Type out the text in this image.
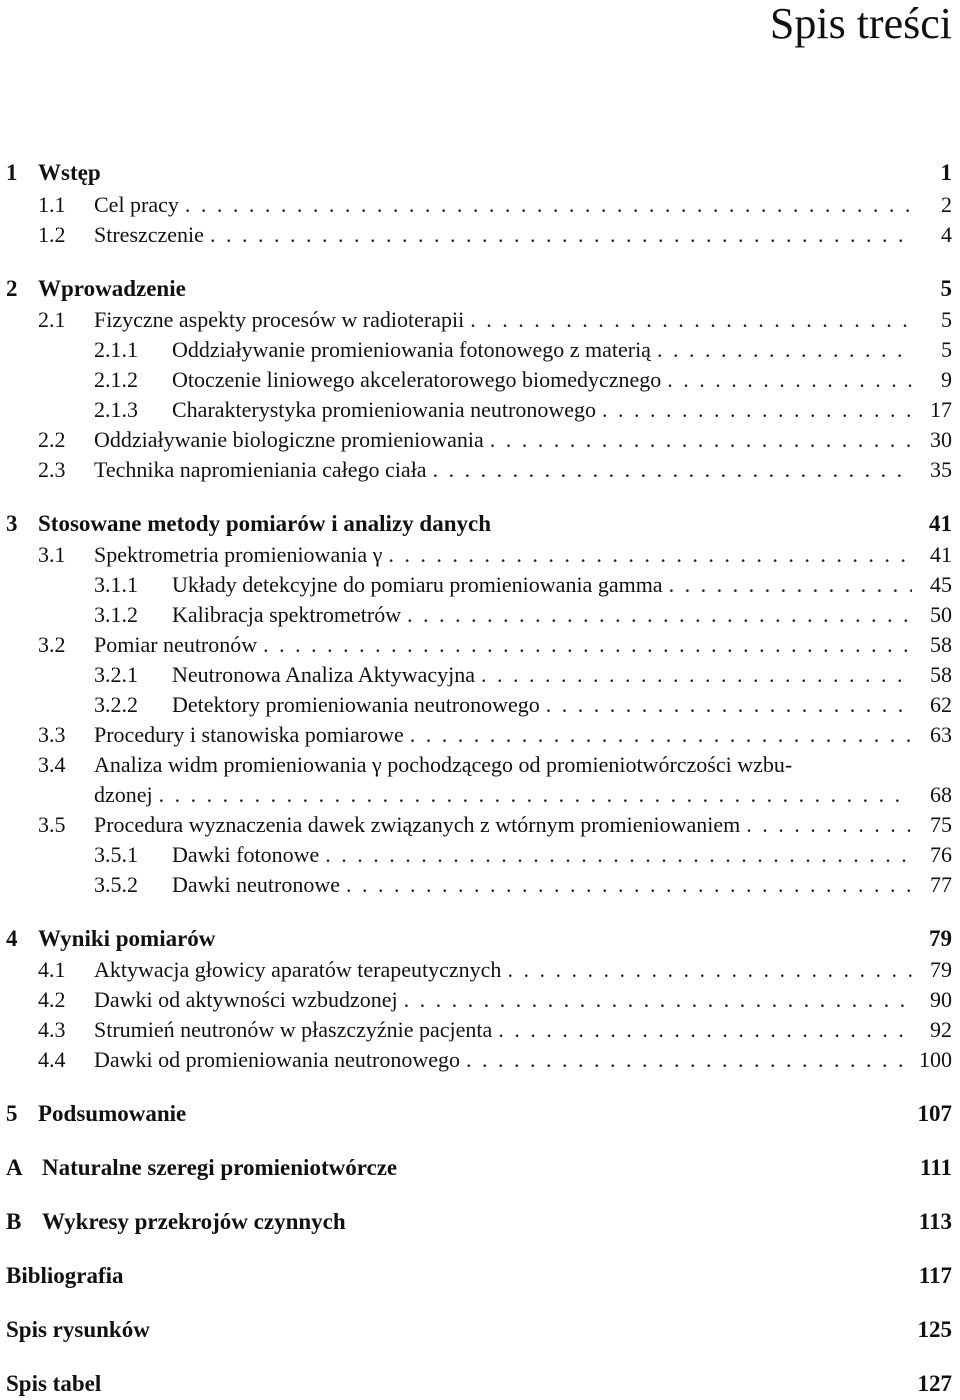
Spis treści
1 Wstęp	1
1.1	Cel pracy . . .	2
1.2	Streszczenie . . .	4
2 Wprowadzenie	5
2.1	Fizyczne aspekty procesów w radioterapii . . .	5
2.1.1	Oddziaływanie promieniowania fotonowego z materią . . .	5
2.1.2	Otoczenie liniowego akceleratorowego biomedycznego . . .	9
2.1.3	Charakterystyka promieniowania neutronowego . . .	17
2.2	Oddziaływanie biologiczne promieniowania . . .	30
2.3	Technika napromieniania całego ciała . . .	35
3 Stosowane metody pomiarów i analizy danych	41
3.1	Spektrometria promieniowania γ . . .	41
3.1.1	Układy detekcyjne do pomiaru promieniowania gamma . . .	45
3.1.2	Kalibracja spektrometrów . . .	50
3.2	Pomiar neutronów . . .	58
3.2.1	Neutronowa Analiza Aktywacyjna . . .	58
3.2.2	Detektory promieniowania neutronowego . . .	62
3.3	Procedury i stanowiska pomiarowe . . .	63
3.4	Analiza widm promieniowania γ pochodzącego od promieniotwórczości wzbu-
dzonej . . .	68
3.5	Procedura wyznaczenia dawek związanych z wtórnym promieniowaniem . . .	75
3.5.1	Dawki fotonowe . . .	76
3.5.2	Dawki neutronowe . . .	77
4 Wyniki pomiarów	79
4.1	Aktywacja głowicy aparatów terapeutycznych . . .	79
4.2	Dawki od aktywności wzbudzonej . . .	90
4.3	Strumień neutronów w płaszczyźnie pacjenta . . .	92
4.4	Dawki od promieniowania neutronowego . . .	100
5 Podsumowanie	107
A Naturalne szeregi promieniotwórcze	111
B Wykresy przekrojów czynnych	113
Bibliografia	117
Spis rysunków	125
Spis tabel	127
